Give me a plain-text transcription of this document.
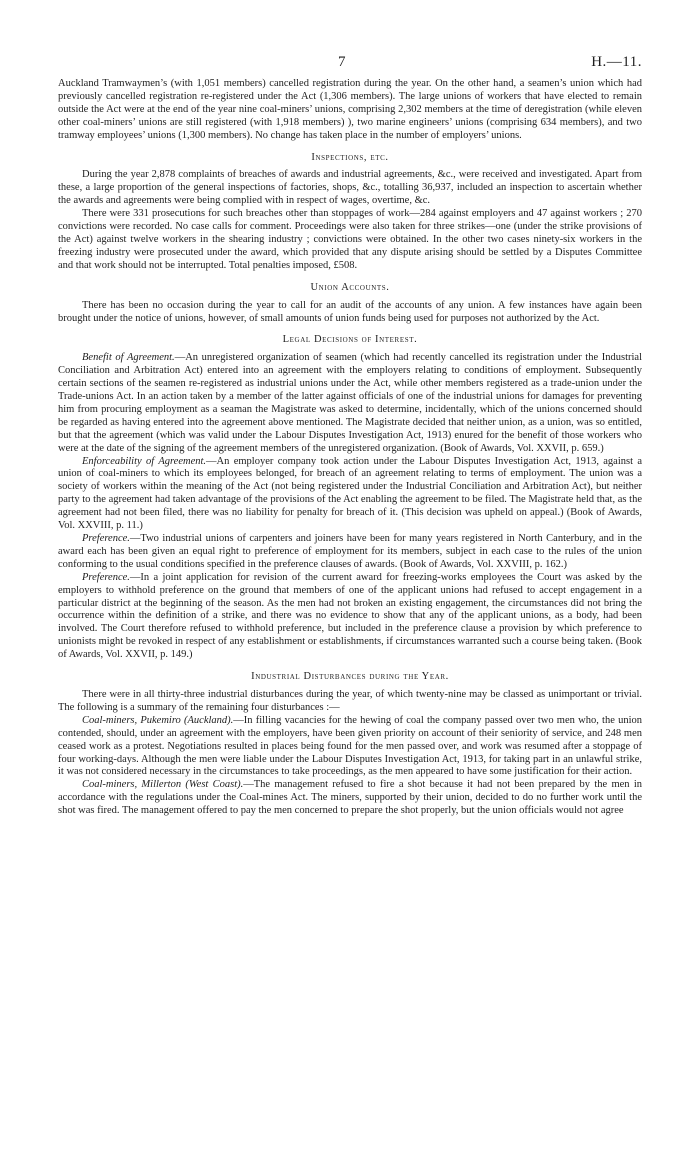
7	H.—11.

Auckland Tramwaymen’s (with 1,051 members) cancelled registration during the year. On the other hand, a seamen’s union which had previously cancelled registration re-registered under the Act (1,306 members). The large unions of workers that have elected to remain outside the Act were at the end of the year nine coal-miners’ unions, comprising 2,302 members at the time of deregistration (while eleven other coal-miners’ unions are still registered (with 1,918 members) ), two marine engineers’ unions (comprising 634 members), and two tramway employees’ unions (1,300 members). No change has taken place in the number of employers’ unions.

Inspections, etc.

During the year 2,878 complaints of breaches of awards and industrial agreements, &c., were received and investigated. Apart from these, a large proportion of the general inspections of factories, shops, &c., totalling 36,937, included an inspection to ascertain whether the awards and agreements were being complied with in respect of wages, overtime, &c.

There were 331 prosecutions for such breaches other than stoppages of work—284 against employers and 47 against workers ; 270 convictions were recorded. No case calls for comment. Proceedings were also taken for three strikes—one (under the strike provisions of the Act) against twelve workers in the shearing industry ; convictions were obtained. In the other two cases ninety-six workers in the freezing industry were prosecuted under the award, which provided that any dispute arising should be settled by a Disputes Committee and that work should not be interrupted. Total penalties imposed, £508.

Union Accounts.

There has been no occasion during the year to call for an audit of the accounts of any union. A few instances have again been brought under the notice of unions, however, of small amounts of union funds being used for purposes not authorized by the Act.

Legal Decisions of Interest.

Benefit of Agreement.—An unregistered organization of seamen (which had recently cancelled its registration under the Industrial Conciliation and Arbitration Act) entered into an agreement with the employers relating to conditions of employment. Subsequently certain sections of the seamen re-registered as industrial unions under the Act, while other members registered as a trade-union under the Trade-unions Act. In an action taken by a member of the latter against officials of one of the industrial unions for damages for preventing him from procuring employment as a seaman the Magistrate was asked to determine, incidentally, which of the unions concerned should be regarded as having entered into the agreement above mentioned. The Magistrate decided that neither union, as a union, was so entitled, but that the agreement (which was valid under the Labour Disputes Investigation Act, 1913) enured for the benefit of those workers who were at the date of the signing of the agreement members of the unregistered organization. (Book of Awards, Vol. XXVII, p. 659.)

Enforceability of Agreement.—An employer company took action under the Labour Disputes Investigation Act, 1913, against a union of coal-miners to which its employees belonged, for breach of an agreement relating to terms of employment. The union was a society of workers within the meaning of the Act (not being registered under the Industrial Conciliation and Arbitration Act), but neither party to the agreement had taken advantage of the provisions of the Act enabling the agreement to be filed. The Magistrate held that, as the agreement had not been filed, there was no liability for penalty for breach of it. (This decision was upheld on appeal.) (Book of Awards, Vol. XXVIII, p. 11.)

Preference.—Two industrial unions of carpenters and joiners have been for many years registered in North Canterbury, and in the award each has been given an equal right to preference of employment for its members, subject in each case to the rules of the union conforming to the usual conditions specified in the preference clauses of awards. (Book of Awards, Vol. XXVIII, p. 162.)

Preference.—In a joint application for revision of the current award for freezing-works employees the Court was asked by the employers to withhold preference on the ground that members of one of the applicant unions had refused to accept engagement in a particular district at the beginning of the season. As the men had not broken an existing engagement, the circumstances did not bring the occurrence within the definition of a strike, and there was no evidence to show that any of the applicant unions, as a body, had been involved. The Court therefore refused to withhold preference, but included in the preference clause a provision by which preference to unionists might be revoked in respect of any establishment or establishments, if circumstances warranted such a course being taken. (Book of Awards, Vol. XXVII, p. 149.)

Industrial Disturbances during the Year.

There were in all thirty-three industrial disturbances during the year, of which twenty-nine may be classed as unimportant or trivial. The following is a summary of the remaining four disturbances :—

Coal-miners, Pukemiro (Auckland).—In filling vacancies for the hewing of coal the company passed over two men who, the union contended, should, under an agreement with the employers, have been given priority on account of their seniority of service, and 248 men ceased work as a protest. Negotiations resulted in places being found for the men passed over, and work was resumed after a stoppage of four working-days. Although the men were liable under the Labour Disputes Investigation Act, 1913, for taking part in an unlawful strike, it was not considered necessary in the circumstances to take proceedings, as the men appeared to have some justification for their action.

Coal-miners, Millerton (West Coast).—The management refused to fire a shot because it had not been prepared by the men in accordance with the regulations under the Coal-mines Act. The miners, supported by their union, decided to do no further work until the shot was fired. The management offered to pay the men concerned to prepare the shot properly, but the union officials would not agree
